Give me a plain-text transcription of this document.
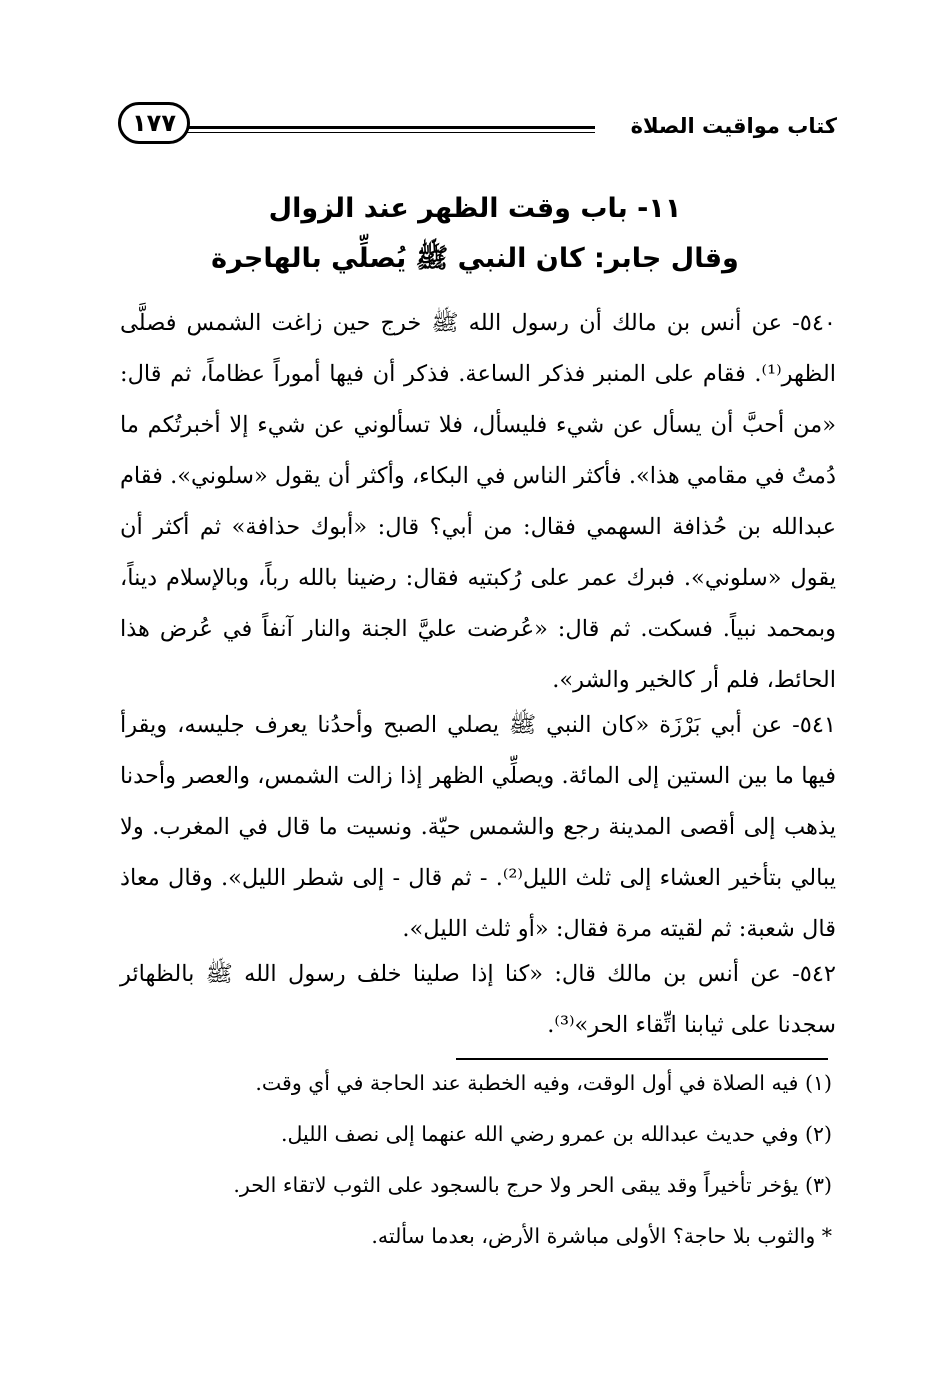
كتاب مواقيت الصلاة
١٧٧
١١- باب وقت الظهر عند الزوال
وقال جابر: كان النبي ﷺ يُصلِّي بالهاجرة
٥٤٠- عن أنس بن مالك أن رسول الله ﷺ خرج حين زاغت الشمس فصلَّى الظهر⁽¹⁾. فقام على المنبر فذكر الساعة. فذكر أن فيها أموراً عظاماً، ثم قال: «من أحبَّ أن يسأل عن شيء فليسأل، فلا تسألوني عن شيء إلا أخبرتُكم ما دُمتُ في مقامي هذا». فأكثر الناس في البكاء، وأكثر أن يقول «سلوني». فقام عبدالله بن حُذافة السهمي فقال: من أبي؟ قال: «أبوك حذافة» ثم أكثر أن يقول «سلوني». فبرك عمر على رُكبتيه فقال: رضينا بالله رباً، وبالإسلام ديناً، وبمحمد نبياً. فسكت. ثم قال: «عُرضت عليَّ الجنة والنار آنفاً في عُرض هذا الحائط، فلم أر كالخير والشر».
٥٤١- عن أبي بَرْزَة «كان النبي ﷺ يصلي الصبح وأحدُنا يعرف جليسه، ويقرأ فيها ما بين الستين إلى المائة. ويصلِّي الظهر إذا زالت الشمس، والعصر وأحدنا يذهب إلى أقصى المدينة رجع والشمس حيّة. ونسيت ما قال في المغرب. ولا يبالي بتأخير العشاء إلى ثلث الليل⁽²⁾. - ثم قال - إلى شطر الليل». وقال معاذ قال شعبة: ثم لقيته مرة فقال: «أو ثلث الليل».
٥٤٢- عن أنس بن مالك قال: «كنا إذا صلينا خلف رسول الله ﷺ بالظهائر سجدنا على ثيابنا اتِّقاء الحر»⁽³⁾.
(١) فيه الصلاة في أول الوقت، وفيه الخطبة عند الحاجة في أي وقت.
(٢) وفي حديث عبدالله بن عمرو رضي الله عنهما إلى نصف الليل.
(٣) يؤخر تأخيراً وقد يبقى الحر ولا حرج بالسجود على الثوب لاتقاء الحر.
* والثوب بلا حاجة؟ الأولى مباشرة الأرض، بعدما سألته.
